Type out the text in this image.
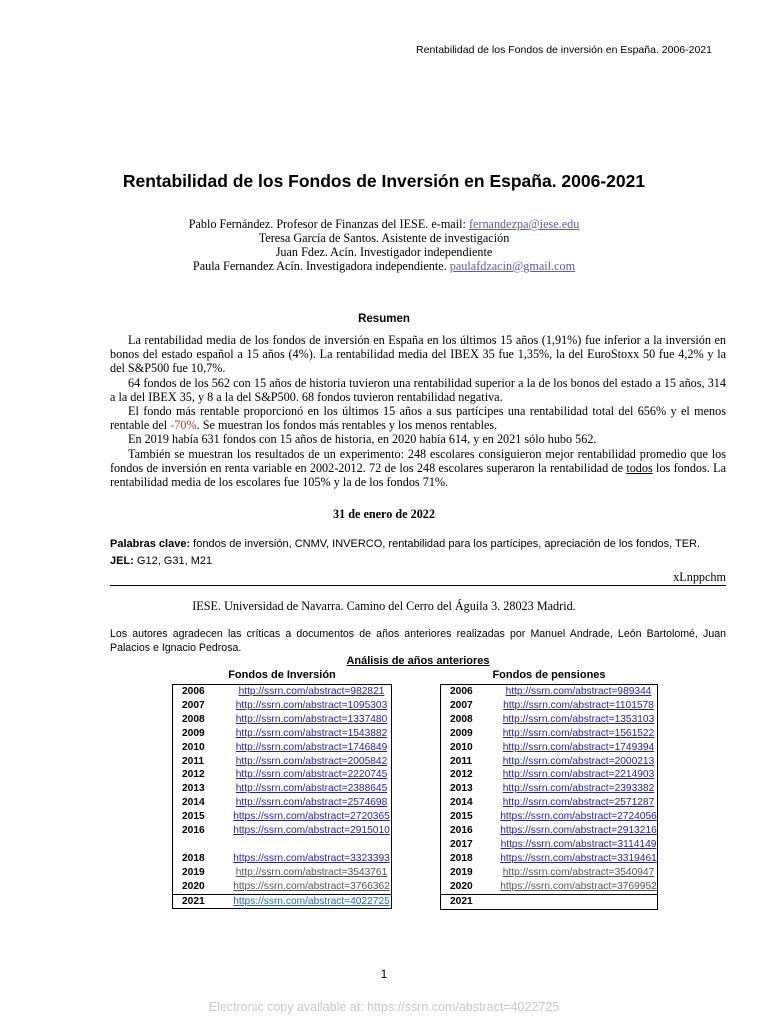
Rentabilidad de los Fondos de inversión en España. 2006-2021
Rentabilidad de los Fondos de Inversión en España. 2006-2021
Pablo Fernández. Profesor de Finanzas del IESE. e-mail: fernandezpa@iese.edu
Teresa García de Santos. Asistente de investigación
Juan Fdez. Acín. Investigador independiente
Paula Fernandez Acín. Investigadora independiente. paulafdzacin@gmail.com
Resumen

La rentabilidad media de los fondos de inversión en España en los últimos 15 años (1,91%) fue inferior a la inversión en bonos del estado español a 15 años (4%). La rentabilidad media del IBEX 35 fue 1,35%, la del EuroStoxx 50 fue 4,2% y la del S&P500 fue 10,7%.

64 fondos de los 562 con 15 años de historia tuvieron una rentabilidad superior a la de los bonos del estado a 15 años, 314 a la del IBEX 35, y 8 a la del S&P500. 68 fondos tuvieron rentabilidad negativa.

El fondo más rentable proporcionó en los últimos 15 años a sus partícipes una rentabilidad total del 656% y el menos rentable del -70%. Se muestran los fondos más rentables y los menos rentables.

En 2019 había 631 fondos con 15 años de historia, en 2020 había 614, y en 2021 sólo hubo 562.

También se muestran los resultados de un experimento: 248 escolares consiguieron mejor rentabilidad promedio que los fondos de inversión en renta variable en 2002-2012. 72 de los 248 escolares superaron la rentabilidad de todos los fondos. La rentabilidad media de los escolares fue 105% y la de los fondos 71%.

31 de enero de 2022
Palabras clave: fondos de inversión, CNMV, INVERCO, rentabilidad para los partícipes, apreciación de los fondos, TER.
JEL: G12, G31, M21
xLnppchm
IESE. Universidad de Navarra. Camino del Cerro del Águila 3. 28023 Madrid.
Los autores agradecen las críticas a documentos de años anteriores realizadas por Manuel Andrade, León Bartolomé, Juan Palacios e Ignacio Pedrosa.
Análisis de años anteriores
Fondos de Inversión	Fondos de pensiones
2006	http://ssrn.com/abstract=982821
2007	http://ssrn.com/abstract=1095303
2008	http://ssrn.com/abstract=1337480
2009	http://ssrn.com/abstract=1543882
2010	http://ssrn.com/abstract=1746849
2011	http://ssrn.com/abstract=2005842
2012	http://ssrn.com/abstract=2220745
2013	http://ssrn.com/abstract=2388645
2014	http://ssrn.com/abstract=2574698
2015	https://ssrn.com/abstract=2720365
2016	https://ssrn.com/abstract=2915010

2018	https://ssrn.com/abstract=3323393
2019	http://ssrn.com/abstract=3543761
2020	https://ssrn.com/abstract=3766362
2021	https://ssrn.com/abstract=4022725
2006	http://ssrn.com/abstract=989344
2007	http://ssrn.com/abstract=1101578
2008	http://ssrn.com/abstract=1353103
2009	http://ssrn.com/abstract=1561522
2010	http://ssrn.com/abstract=1749394
2011	http://ssrn.com/abstract=2000213
2012	http://ssrn.com/abstract=2214903
2013	http://ssrn.com/abstract=2393382
2014	http://ssrn.com/abstract=2571287
2015	https://ssrn.com/abstract=2724056
2016	https://ssrn.com/abstract=2913216
2017	https://ssrn.com/abstract=3114149
2018	https://ssrn.com/abstract=3319461
2019	http://ssrn.com/abstract=3540947
2020	https://ssrn.com/abstract=3769952
2021	
1
Electronic copy available at: https://ssrn.com/abstract=4022725
